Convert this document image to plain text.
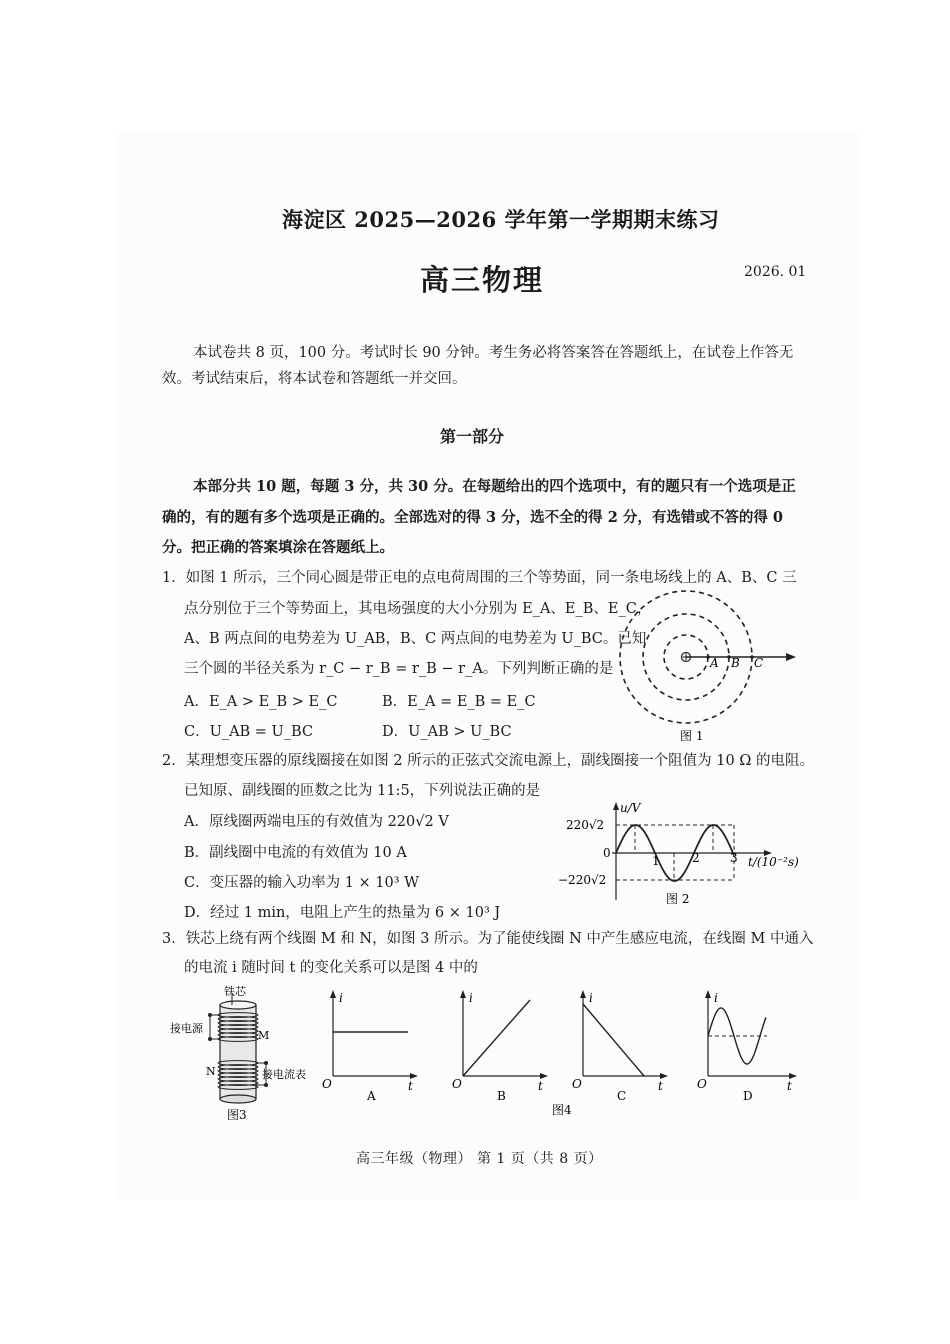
海淀区 2025—2026 学年第一学期期末练习
高三物理	2026. 01
本试卷共 8 页，100 分。考试时长 90 分钟。考生务必将答案答在答题纸上，在试卷上作答无
效。考试结束后，将本试卷和答题纸一并交回。
第一部分
本部分共 10 题，每题 3 分，共 30 分。在每题给出的四个选项中，有的题只有一个选项是正
确的，有的题有多个选项是正确的。全部选对的得 3 分，选不全的得 2 分，有选错或不答的得 0
分。把正确的答案填涂在答题纸上。
1．如图 1 所示，三个同心圆是带正电的点电荷周围的三个等势面，同一条电场线上的 A、B、C 三
点分别位于三个等势面上，其电场强度的大小分别为 E_A、E_B、E_C，
A、B 两点间的电势差为 U_AB，B、C 两点间的电势差为 U_BC。已知
三个圆的半径关系为 r_C − r_B = r_B − r_A。下列判断正确的是
A．E_A > E_B > E_C	B．E_A = E_B = E_C
C．U_AB = U_BC	D．U_AB > U_BC
A B C
图 1
2．某理想变压器的原线圈接在如图 2 所示的正弦式交流电源上，副线圈接一个阻值为 10 Ω 的电阻。
已知原、副线圈的匝数之比为 11:5，下列说法正确的是
A．原线圈两端电压的有效值为 220√2 V
B．副线圈中电流的有效值为 10 A
C．变压器的输入功率为 1 × 10³ W
D．经过 1 min，电阻上产生的热量为 6 × 10³ J
u/V
220√2
0
−220√2
1	2	3 t/(10⁻²s)
图 2
3．铁芯上绕有两个线圈 M 和 N，如图 3 所示。为了能使线圈 N 中产生感应电流，在线圈 M 中通入
的电流 i 随时间 t 的变化关系可以是图 4 中的
铁芯
接电源
M
N	接电流表
图3
i
t
O
A
i
t
O
B
i
t
O
C
i
t
O
D
图4
高三年级（物理） 第 1 页（共 8 页）
